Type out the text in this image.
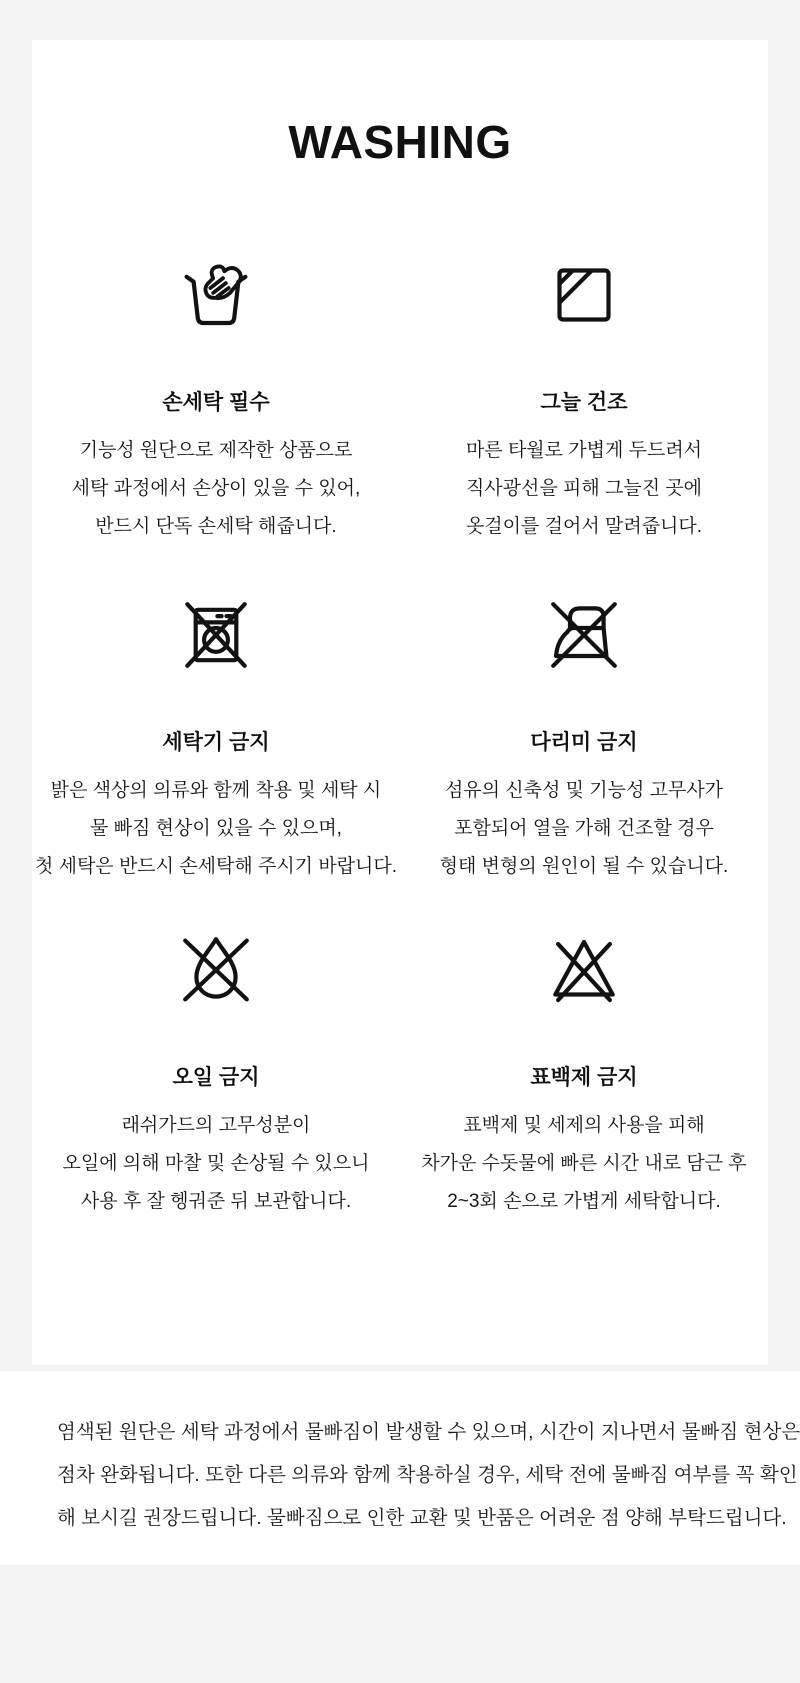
WASHING
손세탁 필수
기능성 원단으로 제작한 상품으로
세탁 과정에서 손상이 있을 수 있어,
반드시 단독 손세탁 해줍니다.
그늘 건조
마른 타월로 가볍게 두드려서
직사광선을 피해 그늘진 곳에
옷걸이를 걸어서 말려줍니다.
세탁기 금지
밝은 색상의 의류와 함께 착용 및 세탁 시
물 빠짐 현상이 있을 수 있으며,
첫 세탁은 반드시 손세탁해 주시기 바랍니다.
다리미 금지
섬유의 신축성 및 기능성 고무사가
포함되어 열을 가해 건조할 경우
형태 변형의 원인이 될 수 있습니다.
오일 금지
래쉬가드의 고무성분이
오일에 의해 마찰 및 손상될 수 있으니
사용 후 잘 헹궈준 뒤 보관합니다.
표백제 금지
표백제 및 세제의 사용을 피해
차가운 수돗물에 빠른 시간 내로 담근 후
2~3회 손으로 가볍게 세탁합니다.
염색된 원단은 세탁 과정에서 물빠짐이 발생할 수 있으며, 시간이 지나면서 물빠짐 현상은
점차 완화됩니다. 또한 다른 의류와 함께 착용하실 경우, 세탁 전에 물빠짐 여부를 꼭 확인
해 보시길 권장드립니다. 물빠짐으로 인한 교환 및 반품은 어려운 점 양해 부탁드립니다.
